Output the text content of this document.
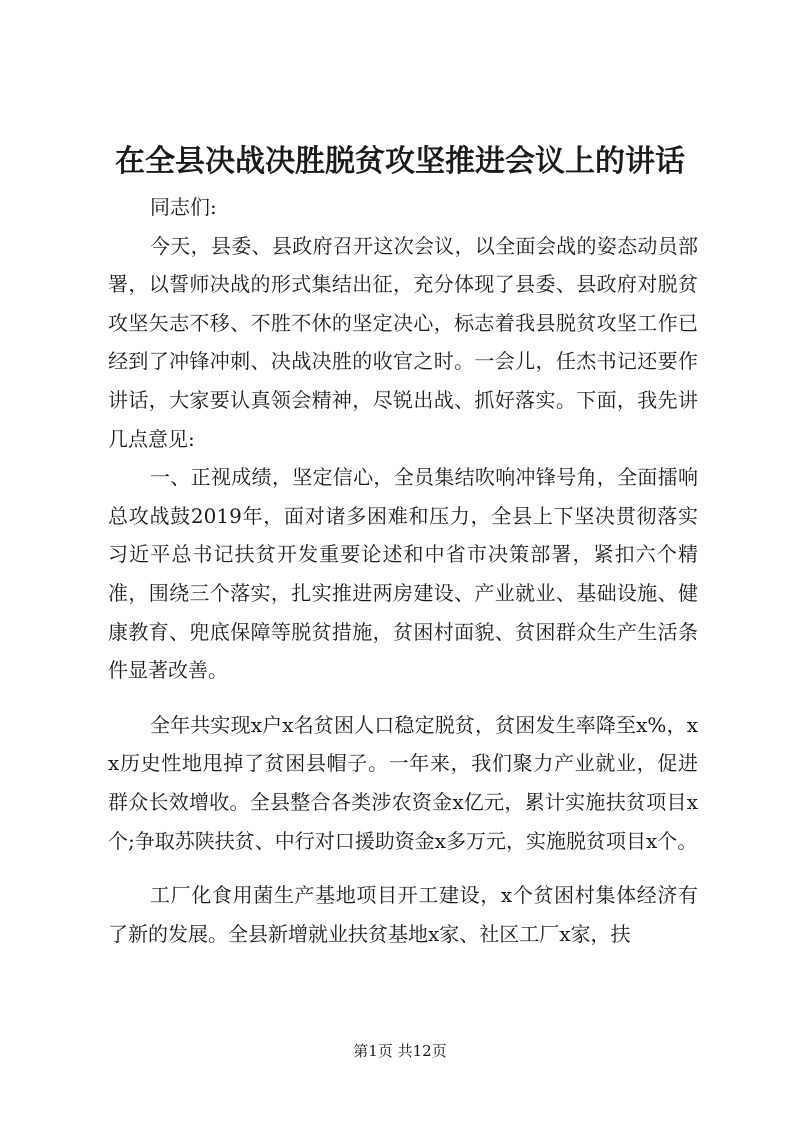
在全县决战决胜脱贫攻坚推进会议上的讲话

同志们:

今天，县委、县政府召开这次会议，以全面会战的姿态动员部署，以誓师决战的形式集结出征，充分体现了县委、县政府对脱贫攻坚矢志不移、不胜不休的坚定决心，标志着我县脱贫攻坚工作已经到了冲锋冲刺、决战决胜的收官之时。一会儿，任杰书记还要作讲话，大家要认真领会精神，尽锐出战、抓好落实。下面，我先讲几点意见:

一、正视成绩，坚定信心，全员集结吹响冲锋号角，全面擂响总攻战鼓2019年，面对诸多困难和压力，全县上下坚决贯彻落实习近平总书记扶贫开发重要论述和中省市决策部署，紧扣六个精准，围绕三个落实，扎实推进两房建设、产业就业、基础设施、健康教育、兜底保障等脱贫措施，贫困村面貌、贫困群众生产生活条件显著改善。

全年共实现x户x名贫困人口稳定脱贫，贫困发生率降至x%，xx历史性地甩掉了贫困县帽子。一年来，我们聚力产业就业，促进群众长效增收。全县整合各类涉农资金x亿元，累计实施扶贫项目x个;争取苏陕扶贫、中行对口援助资金x多万元，实施脱贫项目x个。

工厂化食用菌生产基地项目开工建设，x个贫困村集体经济有了新的发展。全县新增就业扶贫基地x家、社区工厂x家，扶

第1页 共12页
